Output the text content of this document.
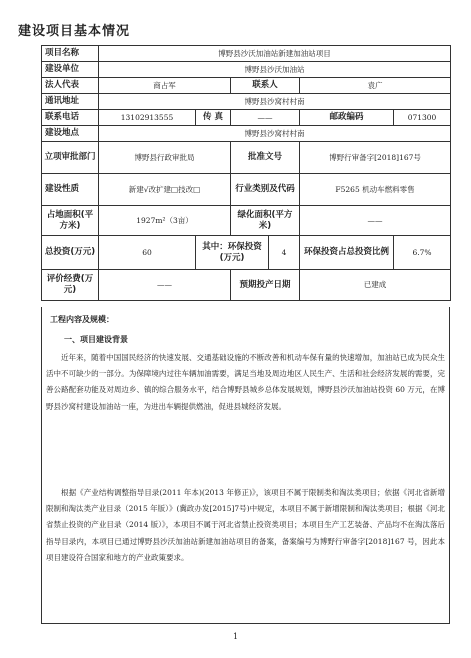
建设项目基本情况
项目名称	博野县沙沃加油站新建加油站项目					
建设单位	博野县沙沃加油站					
法人代表	商占军		联系人		袁广	
通讯地址	博野县沙窝村村南					
联系电话	13102913555	传 真	——		邮政编码	071300
建设地点	博野县沙窝村村南					
立项审批部门	博野县行政审批局		批准文号		博野行审备字[2018]167号	
建设性质	新建√改扩建□技改□		行业类别及代码		F5265 机动车燃料零售	
占地面积(平方米)	1927m²（3亩）		绿化面积(平方米)		——	
总投资(万元)	60	其中：环保投资(万元)		4	环保投资占总投资比例	6.7%
评价经费(万元)	——		预期投产日期		已建成	
工程内容及规模：
一、项目建设背景

近年来，随着中国国民经济的快速发展、交通基础设施的不断改善和机动车保有量的快速增加，加油站已成为民众生活中不可缺少的一部分。为保障境内过往车辆加油需要，满足当地及周边地区人民生产、生活和社会经济发展的需要，完善公路配套功能及对周边乡、镇的综合服务水平，结合博野县城乡总体发展规划，博野县沙沃加油站投资 60 万元，在博野县沙窝村建设加油站一座，为进出车辆提供燃油，促进县城经济发展。

根据《产业结构调整指导目录(2011 年本)(2013 年修正)》，该项目不属于限制类和淘汰类项目；依据《河北省新增限制和淘汰类产业目录（2015 年版）》(冀政办发[2015]7号)中规定，本项目不属于新增限制和淘汰类项目；根据《河北省禁止投资的产业目录（2014 版）》，本项目不属于河北省禁止投资类项目；本项目生产工艺装备、产品均不在淘汰落后指导目录内，本项目已通过博野县沙沃加油站新建加油站项目的备案，备案编号为博野行审备字[2018]167 号，因此本项目建设符合国家和地方的产业政策要求。

1
